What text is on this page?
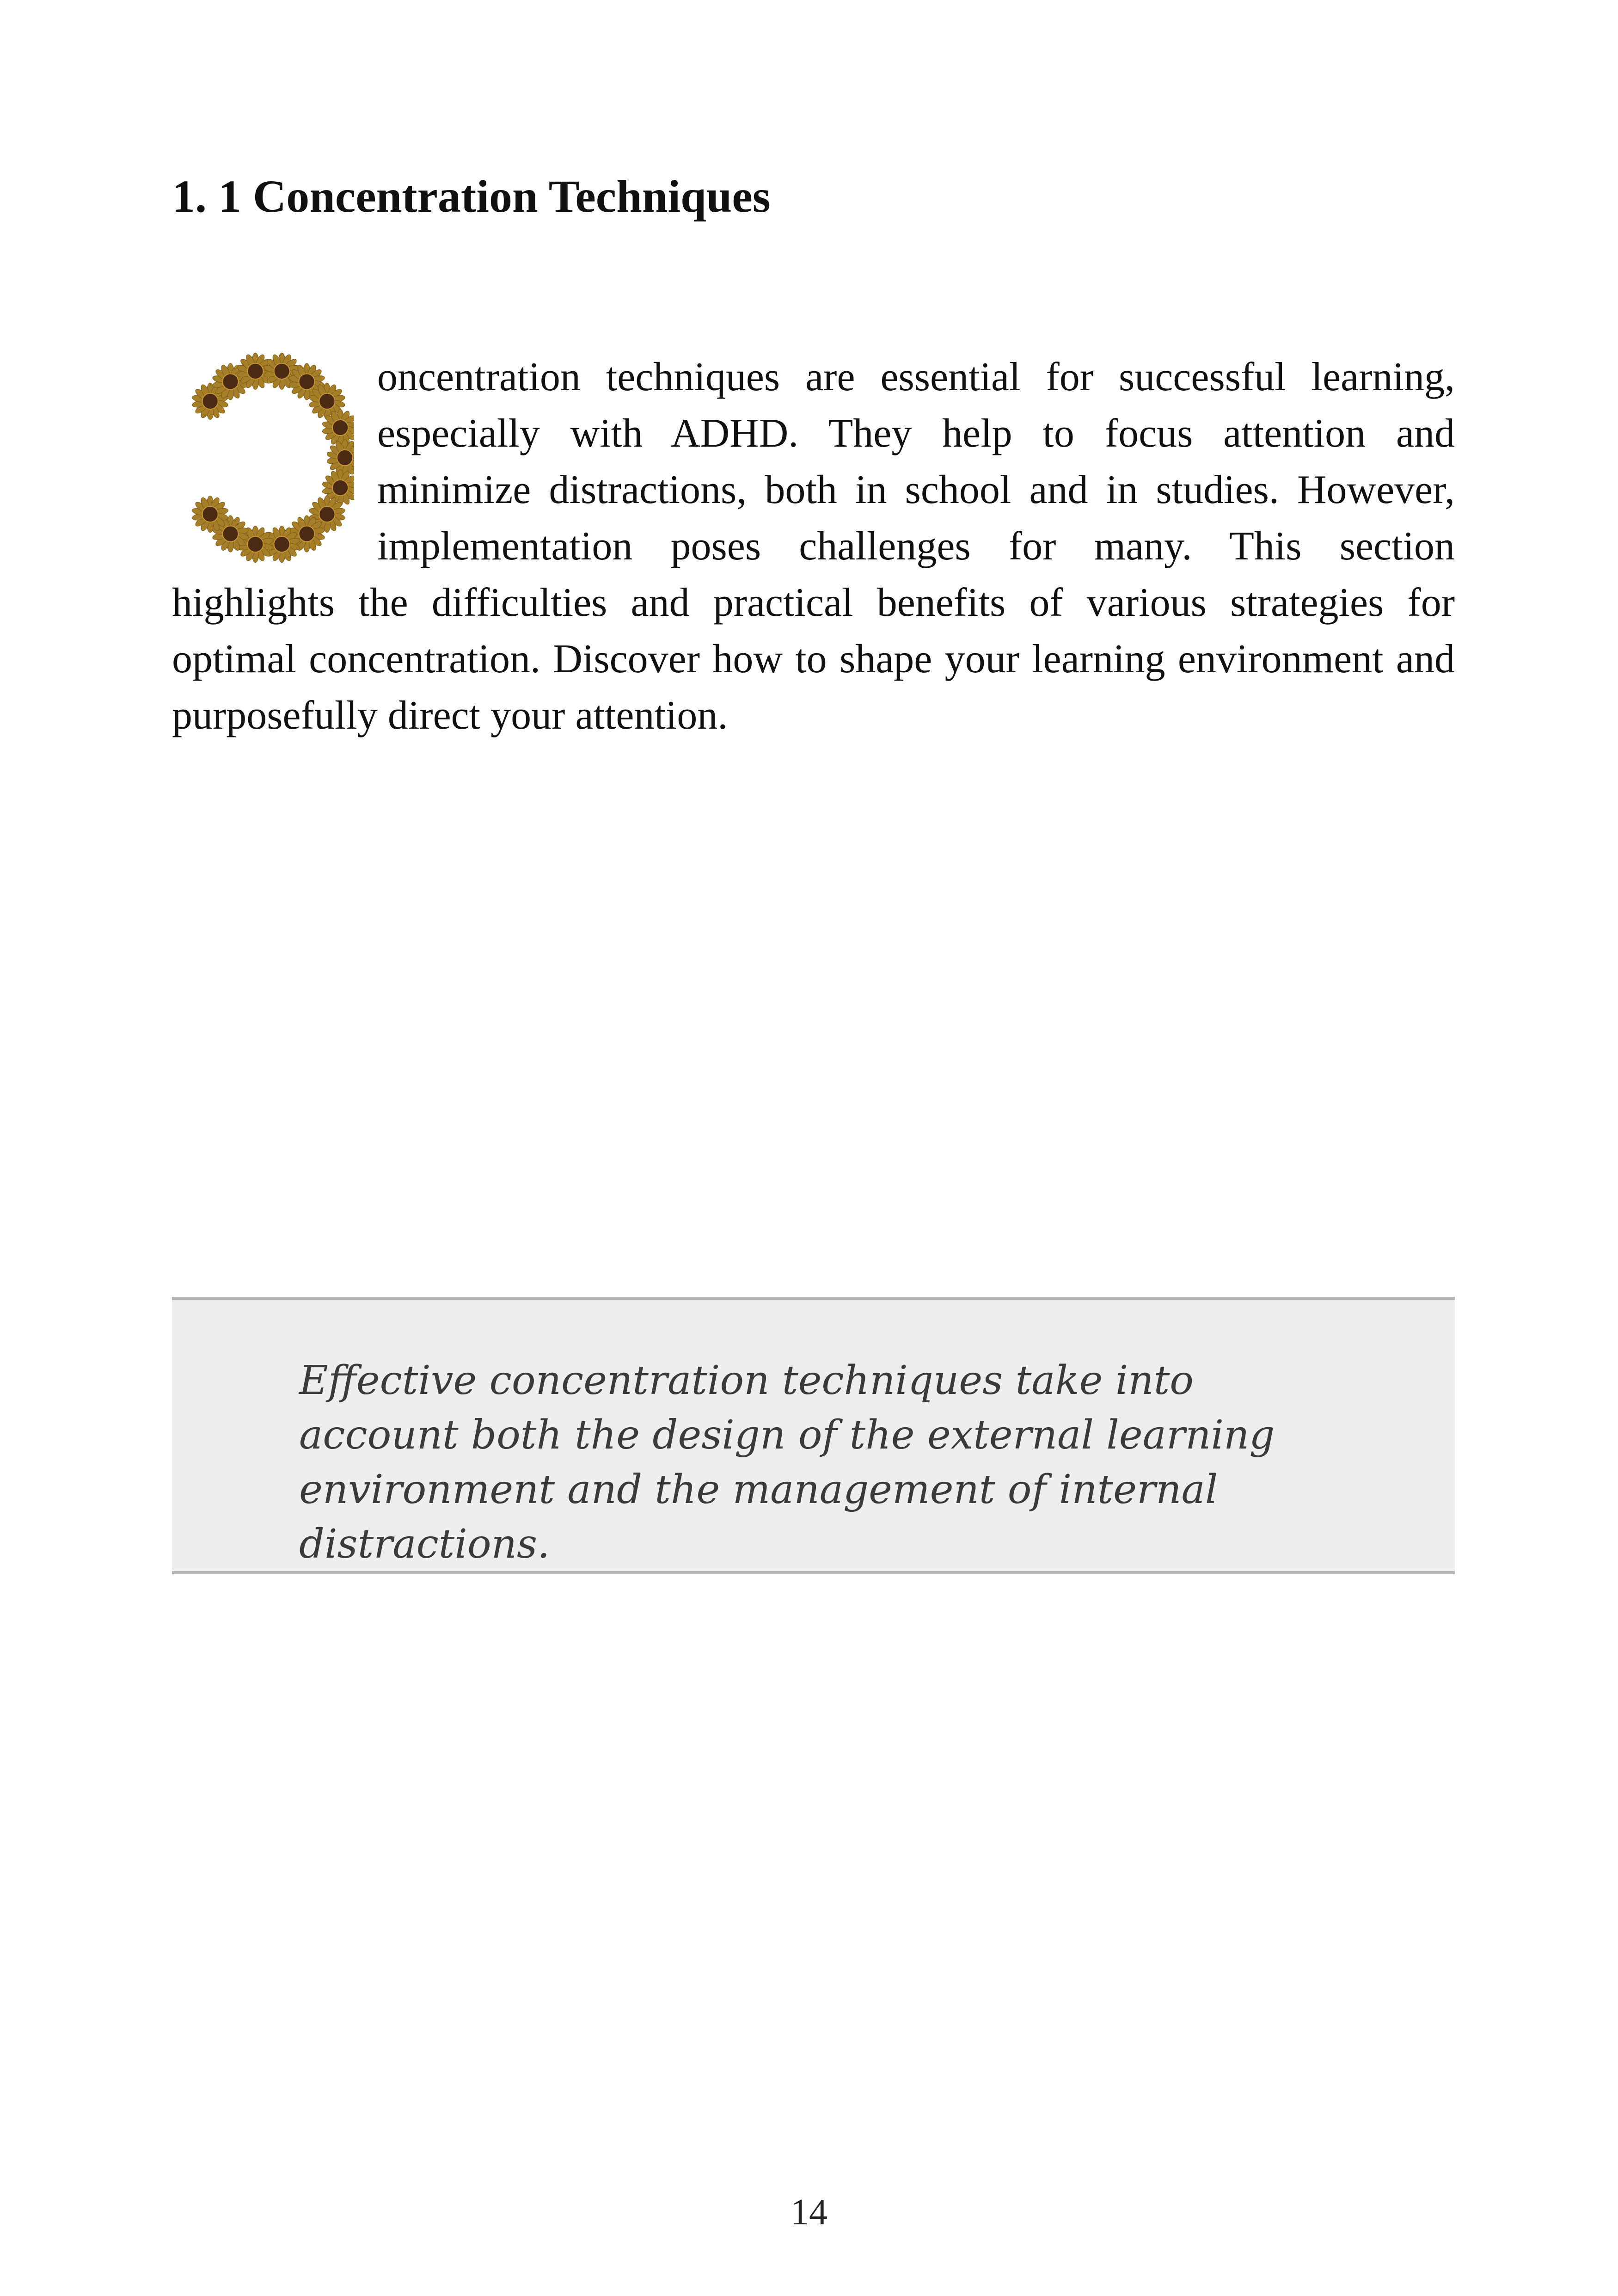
1. 1 Concentration Techniques
oncentration techniques are essential for successful learning, especially with ADHD. They help to focus attention and minimize distractions, both in school and in studies. However, implementation poses challenges for many. This section highlights the difficulties and practical benefits of various strategies for optimal concentration. Discover how to shape your learning environment and purposefully direct your attention.

Effective concentration techniques take into account both the design of the external learning environment and the management of internal distractions.

14
